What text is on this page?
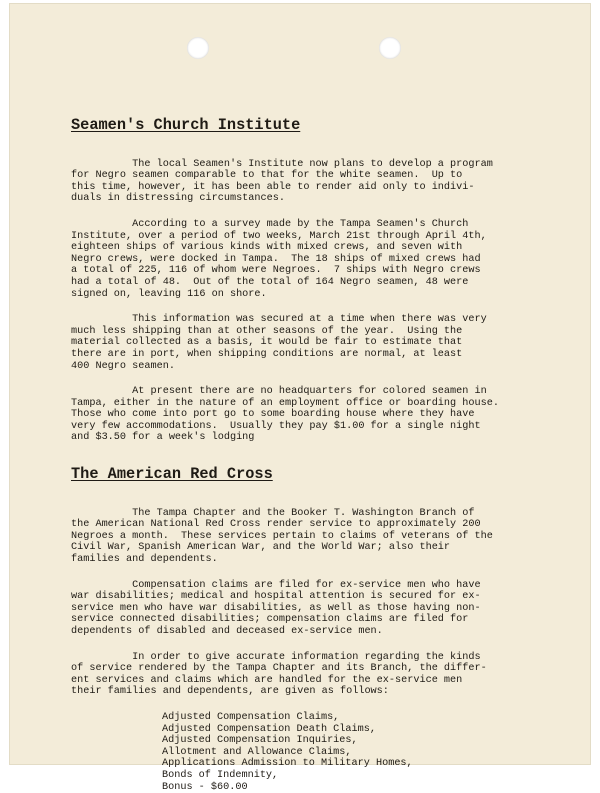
Seamen's Church Institute

The local Seamen's Institute now plans to develop a program
for Negro seamen comparable to that for the white seamen.  Up to
this time, however, it has been able to render aid only to indivi-
duals in distressing circumstances.

According to a survey made by the Tampa Seamen's Church
Institute, over a period of two weeks, March 21st through April 4th,
eighteen ships of various kinds with mixed crews, and seven with
Negro crews, were docked in Tampa.  The 18 ships of mixed crews had
a total of 225, 116 of whom were Negroes.  7 ships with Negro crews
had a total of 48.  Out of the total of 164 Negro seamen, 48 were
signed on, leaving 116 on shore.

This information was secured at a time when there was very
much less shipping than at other seasons of the year.  Using the
material collected as a basis, it would be fair to estimate that
there are in port, when shipping conditions are normal, at least
400 Negro seamen.

At present there are no headquarters for colored seamen in
Tampa, either in the nature of an employment office or boarding house.
Those who come into port go to some boarding house where they have
very few accommodations.  Usually they pay $1.00 for a single night
and $3.50 for a week's lodging

The American Red Cross

The Tampa Chapter and the Booker T. Washington Branch of
the American National Red Cross render service to approximately 200
Negroes a month.  These services pertain to claims of veterans of the
Civil War, Spanish American War, and the World War; also their
families and dependents.

Compensation claims are filed for ex-service men who have
war disabilities; medical and hospital attention is secured for ex-
service men who have war disabilities, as well as those having non-
service connected disabilities; compensation claims are filed for
dependents of disabled and deceased ex-service men.

In order to give accurate information regarding the kinds
of service rendered by the Tampa Chapter and its Branch, the differ-
ent services and claims which are handled for the ex-service men
their families and dependents, are given as follows:

Adjusted Compensation Claims,
Adjusted Compensation Death Claims,
Adjusted Compensation Inquiries,
Allotment and Allowance Claims,
Applications Admission to Military Homes,
Bonds of Indemnity,
Bonus - $60.00
